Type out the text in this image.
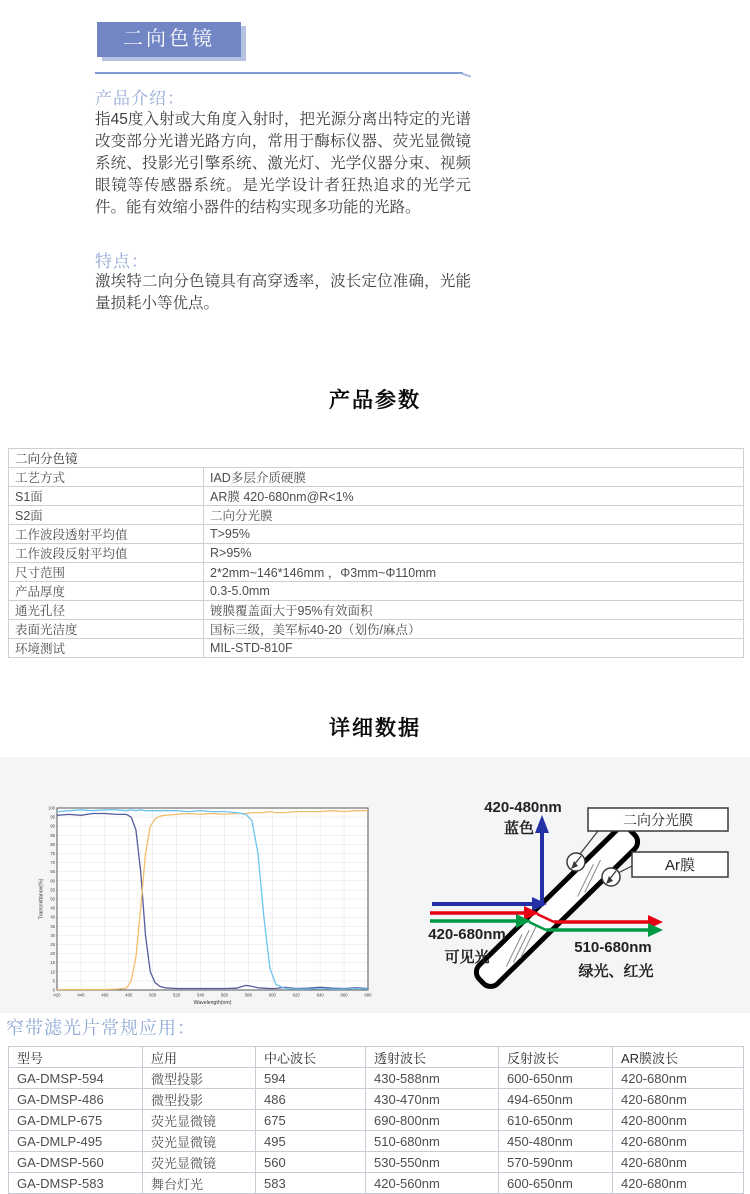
二向色镜
产品介绍：
指45度入射或大角度入射时，把光源分离出特定的光谱改变部分光谱光路方向，常用于酶标仪器、荧光显微镜系统、投影光引擎系统、激光灯、光学仪器分束、视频眼镜等传感器系统。是光学设计者狂热追求的光学元件。能有效缩小器件的结构实现多功能的光路。
特点：
激埃特二向分色镜具有高穿透率，波长定位准确，光能量损耗小等优点。
产品参数
二向分色镜	
工艺方式	IAD多层介质硬膜
S1面	AR膜 420-680nm@R<1%
S2面	二向分光膜
工作波段透射平均值	T>95%
工作波段反射平均值	R>95%
尺寸范围	2*2mm~146*146mm ，Φ3mm~Φ110mm
产品厚度	0.3-5.0mm
通光孔径	镀膜覆盖面大于95%有效面积
表面光洁度	国标三级，美军标40-20（划伤/麻点）
环境测试	MIL-STD-810F
详细数据
420	440	460	480	500	520	540	560	580	600	620	640	660	680
0
5
10
15
20
25
30
35
40
45
50
55
60
65
70
75
80
85
90
95
100
Wavelength(nm)
Transmittance(%)
二向分光膜
Ar膜
420-480nm
蓝色
420-680nm
可见光
510-680nm
绿光、红光
窄带滤光片常规应用：
型号	应用	中心波长	透射波长	反射波长	AR膜波长
GA-DMSP-594	微型投影	594	430-588nm	600-650nm	420-680nm
GA-DMSP-486	微型投影	486	430-470nm	494-650nm	420-680nm
GA-DMLP-675	荧光显微镜	675	690-800nm	610-650nm	420-800nm
GA-DMLP-495	荧光显微镜	495	510-680nm	450-480nm	420-680nm
GA-DMSP-560	荧光显微镜	560	530-550nm	570-590nm	420-680nm
GA-DMSP-583	舞台灯光	583	420-560nm	600-650nm	420-680nm
